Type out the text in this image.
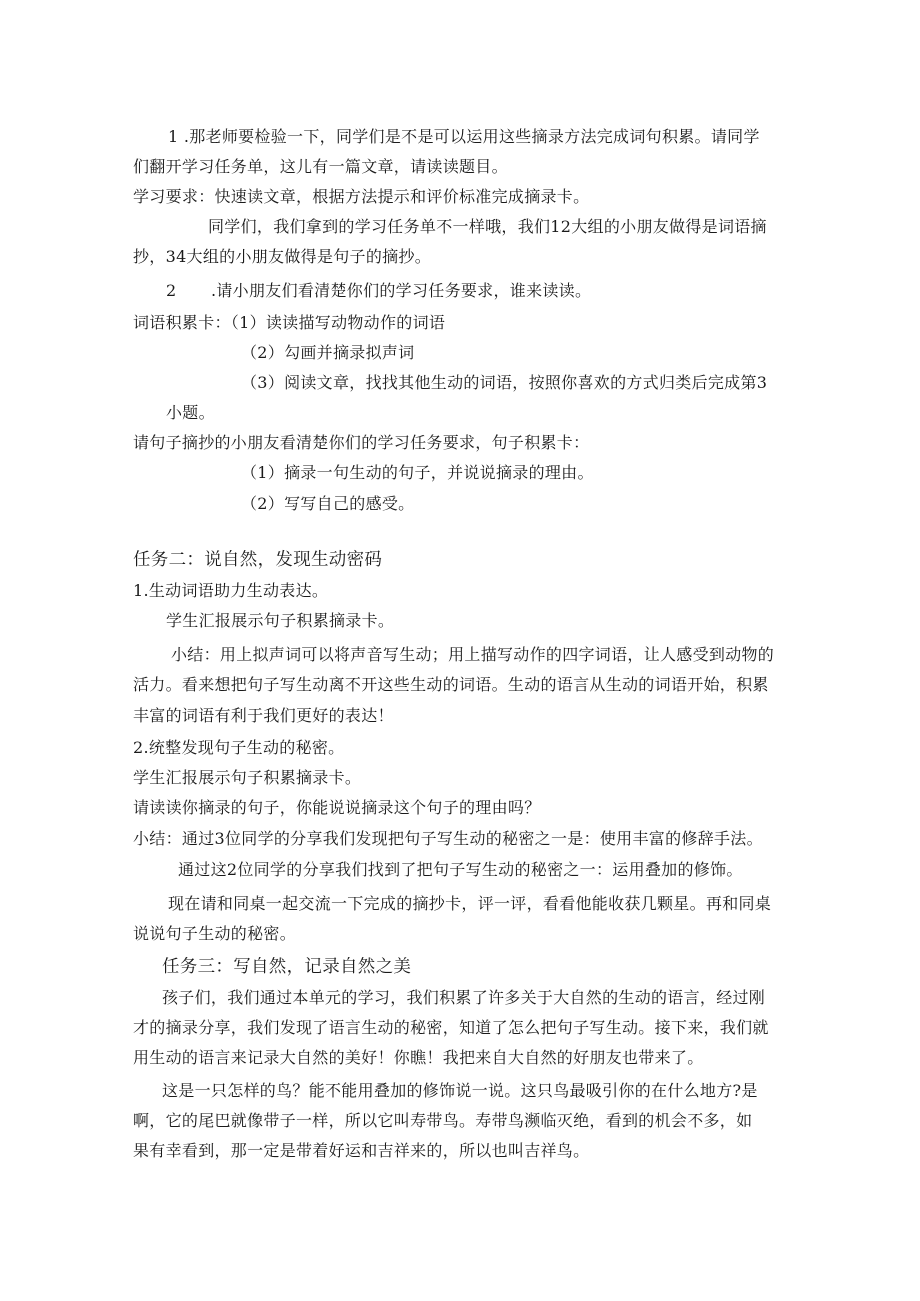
1 .那老师要检验一下，同学们是不是可以运用这些摘录方法完成词句积累。请同学
们翻开学习任务单，这儿有一篇文章，请读读题目。
学习要求：快速读文章，根据方法提示和评价标准完成摘录卡。
同学们，我们拿到的学习任务单不一样哦，我们12大组的小朋友做得是词语摘
抄，34大组的小朋友做得是句子的摘抄。
2 .请小朋友们看清楚你们的学习任务要求，谁来读读。
词语积累卡：（1）读读描写动物动作的词语
（2）勾画并摘录拟声词
（3）阅读文章，找找其他生动的词语，按照你喜欢的方式归类后完成第3
小题。
请句子摘抄的小朋友看清楚你们的学习任务要求，句子积累卡：
（1）摘录一句生动的句子，并说说摘录的理由。
（2）写写自己的感受。
任务二：说自然，发现生动密码
1.生动词语助力生动表达。
学生汇报展示句子积累摘录卡。
小结：用上拟声词可以将声音写生动；用上描写动作的四字词语，让人感受到动物的
活力。看来想把句子写生动离不开这些生动的词语。生动的语言从生动的词语开始，积累
丰富的词语有利于我们更好的表达！
2.统整发现句子生动的秘密。
学生汇报展示句子积累摘录卡。
请读读你摘录的句子，你能说说摘录这个句子的理由吗？
小结：通过3位同学的分享我们发现把句子写生动的秘密之一是：使用丰富的修辞手法。
通过这2位同学的分享我们找到了把句子写生动的秘密之一：运用叠加的修饰。
现在请和同桌一起交流一下完成的摘抄卡，评一评，看看他能收获几颗星。再和同桌
说说句子生动的秘密。
任务三：写自然，记录自然之美
孩子们，我们通过本单元的学习，我们积累了许多关于大自然的生动的语言，经过刚
才的摘录分享，我们发现了语言生动的秘密，知道了怎么把句子写生动。接下来，我们就
用生动的语言来记录大自然的美好！你瞧！我把来自大自然的好朋友也带来了。
这是一只怎样的鸟？能不能用叠加的修饰说一说。这只鸟最吸引你的在什么地方?是
啊，它的尾巴就像带子一样，所以它叫寿带鸟。寿带鸟濒临灭绝，看到的机会不多，如
果有幸看到，那一定是带着好运和吉祥来的，所以也叫吉祥鸟。
